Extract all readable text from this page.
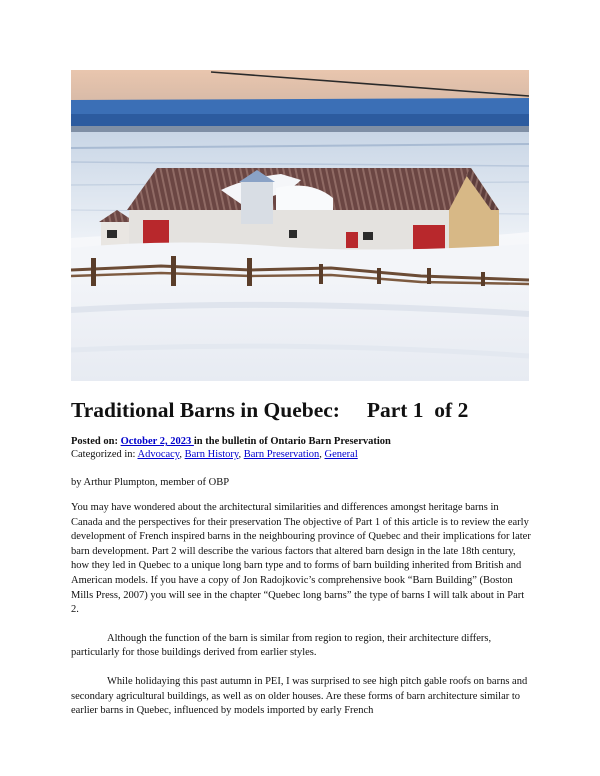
Traditional Barns in Quebec:     Part 1  of 2
Posted on: October 2, 2023 in the bulletin of Ontario Barn Preservation
Categorized in: Advocacy, Barn History, Barn Preservation, General
by Arthur Plumpton, member of OBP

You may have wondered about the architectural similarities and differences amongst heritage barns in Canada and the perspectives for their preservation The objective of Part 1 of this article is to review the early development of French inspired barns in the neighbouring province of Quebec and their implications for later barn development. Part 2 will describe the various factors that altered barn design in the late 18th century, how they led in Quebec to a unique long barn type and to forms of barn building inherited from British and American models. If you have a copy of Jon Radojkovic’s comprehensive book “Barn Building” (Boston Mills Press, 2007) you will see in the chapter “Quebec long barns” the type of barns I will talk about in Part 2.

Although the function of the barn is similar from region to region, their architecture differs, particularly for those buildings derived from earlier styles.

While holidaying this past autumn in PEI, I was surprised to see high pitch gable roofs on barns and secondary agricultural buildings, as well as on older houses. Are these forms of barn architecture similar to earlier barns in Quebec, influenced by models imported by early French
